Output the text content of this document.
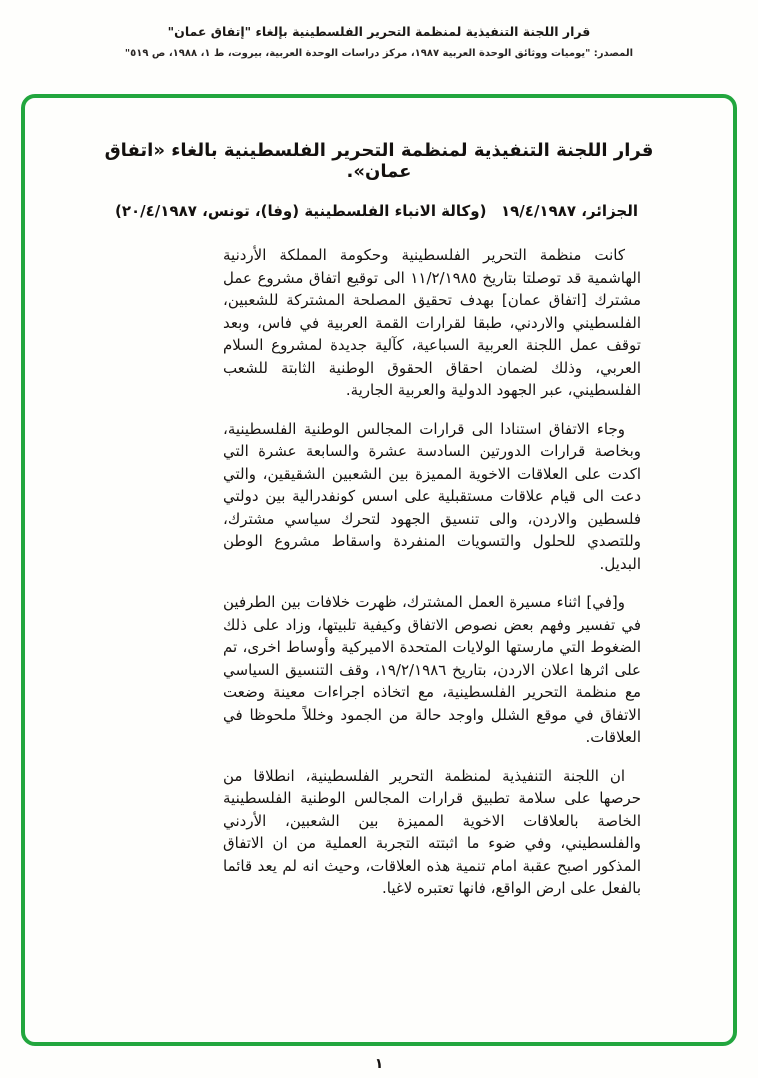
قرار اللجنة التنفيذية لمنظمة التحرير الفلسطينية بإلغاء "إتفاق عمان"
المصدر: "يوميات ووثائق الوحدة العربية ١٩٨٧، مركز دراسات الوحدة العربية، بيروت، ط ١، ١٩٨٨، ص ٥١٩"
قرار اللجنة التنفيذية لمنظمة التحرير الفلسطينية بالغاء «اتفاق عمان».
الجزائر، ١٩/٤/١٩٨٧
(وكالة الانباء الفلسطينية (وفا)، تونس، ٢٠/٤/١٩٨٧)

كانت منظمة التحرير الفلسطينية وحكومة المملكة الأردنية الهاشمية قد توصلتا بتاريخ ١١/٢/١٩٨٥ الى توقيع اتفاق مشروع عمل مشترك [اتفاق عمان] بهدف تحقيق المصلحة المشتركة للشعبين، الفلسطيني والاردني، طبقا لقرارات القمة العربية في فاس، وبعد توقف عمل اللجنة العربية السباعية، كآلية جديدة لمشروع السلام العربي، وذلك لضمان احقاق الحقوق الوطنية الثابتة للشعب الفلسطيني، عبر الجهود الدولية والعربية الجارية.

وجاء الاتفاق استنادا الى قرارات المجالس الوطنية الفلسطينية، وبخاصة قرارات الدورتين السادسة عشرة والسابعة عشرة التي اكدت على العلاقات الاخوية المميزة بين الشعبين الشقيقين، والتي دعت الى قيام علاقات مستقبلية على اسس كونفدرالية بين دولتي فلسطين والاردن، والى تنسيق الجهود لتحرك سياسي مشترك، وللتصدي للحلول والتسويات المنفردة واسقاط مشروع الوطن البديل.

و[في] اثناء مسيرة العمل المشترك، ظهرت خلافات بين الطرفين في تفسير وفهم بعض نصوص الاتفاق وكيفية تلبيتها، وزاد على ذلك الضغوط التي مارستها الولايات المتحدة الاميركية وأوساط اخرى، تم على اثرها اعلان الاردن، بتاريخ ١٩/٢/١٩٨٦، وقف التنسيق السياسي مع منظمة التحرير الفلسطينية، مع اتخاذه اجراءات معينة وضعت الاتفاق في موقع الشلل واوجد حالة من الجمود وخللاً ملحوظا في العلاقات.

ان اللجنة التنفيذية لمنظمة التحرير الفلسطينية، انطلاقا من حرصها على سلامة تطبيق قرارات المجالس الوطنية الفلسطينية الخاصة بالعلاقات الاخوية المميزة بين الشعبين، الأردني والفلسطيني، وفي ضوء ما اثبتته التجربة العملية من ان الاتفاق المذكور اصبح عقبة امام تنمية هذه العلاقات، وحيث انه لم يعد قائما بالفعل على ارض الواقع، فانها تعتبره لاغيا.

١
